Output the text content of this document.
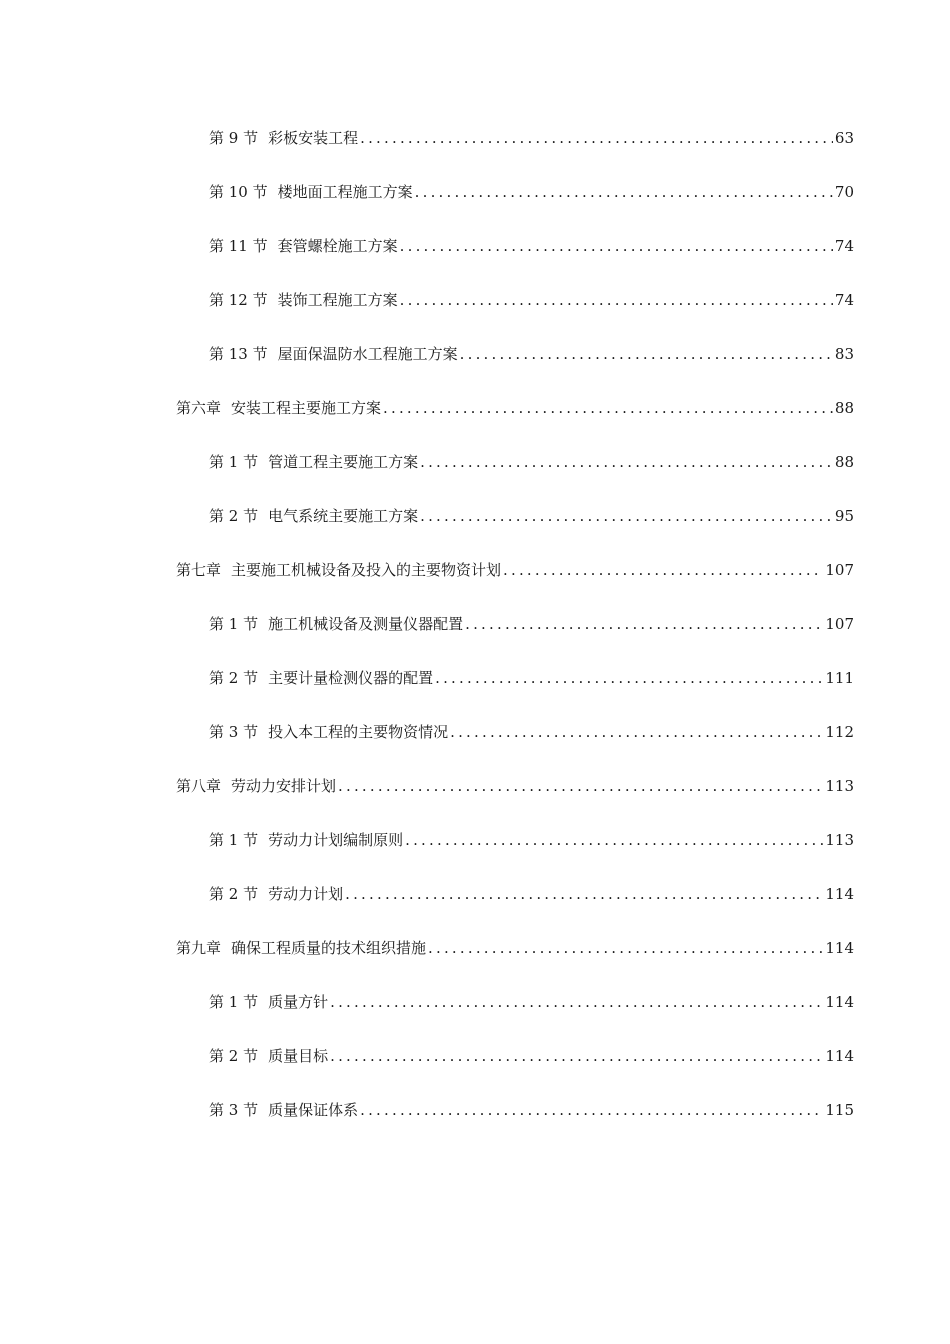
第 9 节 彩板安装工程 .....	63
第 10 节 楼地面工程施工方案 .....	70
第 11 节 套管螺栓施工方案 .....	74
第 12 节 装饰工程施工方案 .....	74
第 13 节 屋面保温防水工程施工方案 .....	83
第六章 安装工程主要施工方案 .....	88
第 1 节 管道工程主要施工方案 .....	88
第 2 节 电气系统主要施工方案 .....	95
第七章 主要施工机械设备及投入的主要物资计划 .....	107
第 1 节 施工机械设备及测量仪器配置 .....	107
第 2 节 主要计量检测仪器的配置 .....	111
第 3 节 投入本工程的主要物资情况 .....	112
第八章 劳动力安排计划 .....	113
第 1 节 劳动力计划编制原则 .....	113
第 2 节 劳动力计划 .....	114
第九章 确保工程质量的技术组织措施 .....	114
第 1 节 质量方针 .....	114
第 2 节 质量目标 .....	114
第 3 节 质量保证体系 .....	115
